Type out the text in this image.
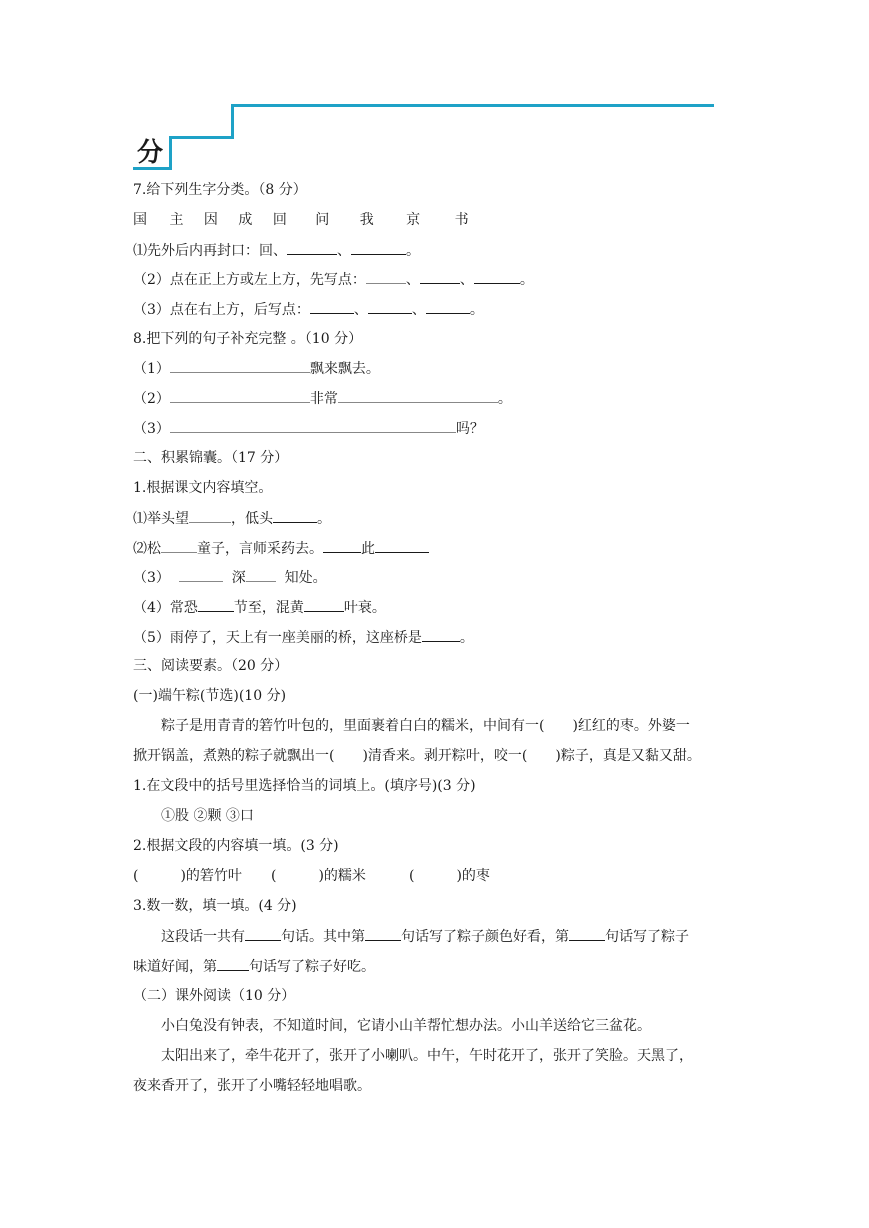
分
7.给下列生字分类。（8 分）
国 主 因 成 回 问 我 京 书
⑴先外后内再封口：回、	、	。
（2）点在正上方或左上方，先写点：	、	、	。
（3）点在右上方，后写点：	、	、	。
8.把下列的句子补充完整 。（10 分）
（1）	飘来飘去。
（2）	非常	。
（3）	吗？
二、积累锦囊。（17 分）
1.根据课文内容填空。
⑴举头望	，低头	。
⑵松	童子，言师采药去。	此
（3）	深	知处。
（4）常恐	节至，混黄	叶衰。
（5）雨停了，天上有一座美丽的桥，这座桥是	。
三、阅读要素。（20 分）
(一)端午粽(节选)(10 分)
粽子是用青青的箬竹叶包的，里面裹着白白的糯米，中间有一(　　)红红的枣。外婆一
掀开锅盖，煮熟的粽子就飘出一(　　)清香来。剥开粽叶，咬一(　　)粽子，真是又黏又甜。
1.在文段中的括号里选择恰当的词填上。(填序号)(3 分)
①股 ②颗 ③口
2.根据文段的内容填一填。(3 分)
(　　　)的箬竹叶 (　　　)的糯米	(　　　)的枣
3.数一数，填一填。(4 分)
这段话一共有	句话。其中第	句话写了粽子颜色好看，第	句话写了粽子
味道好闻，第 句话写了粽子好吃。
（二）课外阅读（10 分）
小白兔没有钟表，不知道时间，它请小山羊帮忙想办法。小山羊送给它三盆花。
太阳出来了，牵牛花开了，张开了小喇叭。中午，午时花开了，张开了笑脸。天黑了，
夜来香开了，张开了小嘴轻轻地唱歌。
